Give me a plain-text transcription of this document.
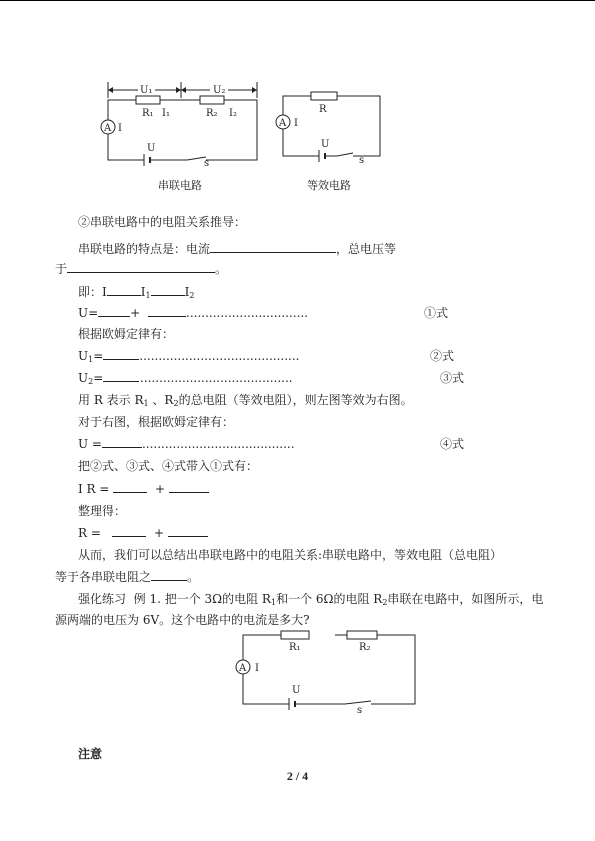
U₁	U₂
A I
U
s
R₁ I₁	R₂ I₂
串联电路
R
A I
U
s
等效电路
②串联电路中的电阻关系推导：
串联电路的特点是：电流	，总电压等
于	。
即：I	$I_1$	$I_2$
U=	+	................................	①式
根据欧姆定律有：
$U_1=$	..........................................	②式
$U_2=$	........................................	③式
用 R 表示 $R_1$ 、$R_2$的总电阻（等效电阻），则左图等效为右图。
对于右图，根据欧姆定律有：
U =	........................................	④式
把②式、③式、④式带入①式有：
I R =	+
整理得：
R =	+
从而，我们可以总结出串联电路中的电阻关系:串联电路中，等效电阻（总电阻）
等于各串联电阻之	。
强化练习  例 1. 把一个 3Ω的电阻 $R_1$和一个 6Ω的电阻 $R_2$串联在电路中，如图所示，电
源两端的电压为 6V。这个电路中的电流是多大?
R₁	R₂
A I
U
s
注意
2 / 4
